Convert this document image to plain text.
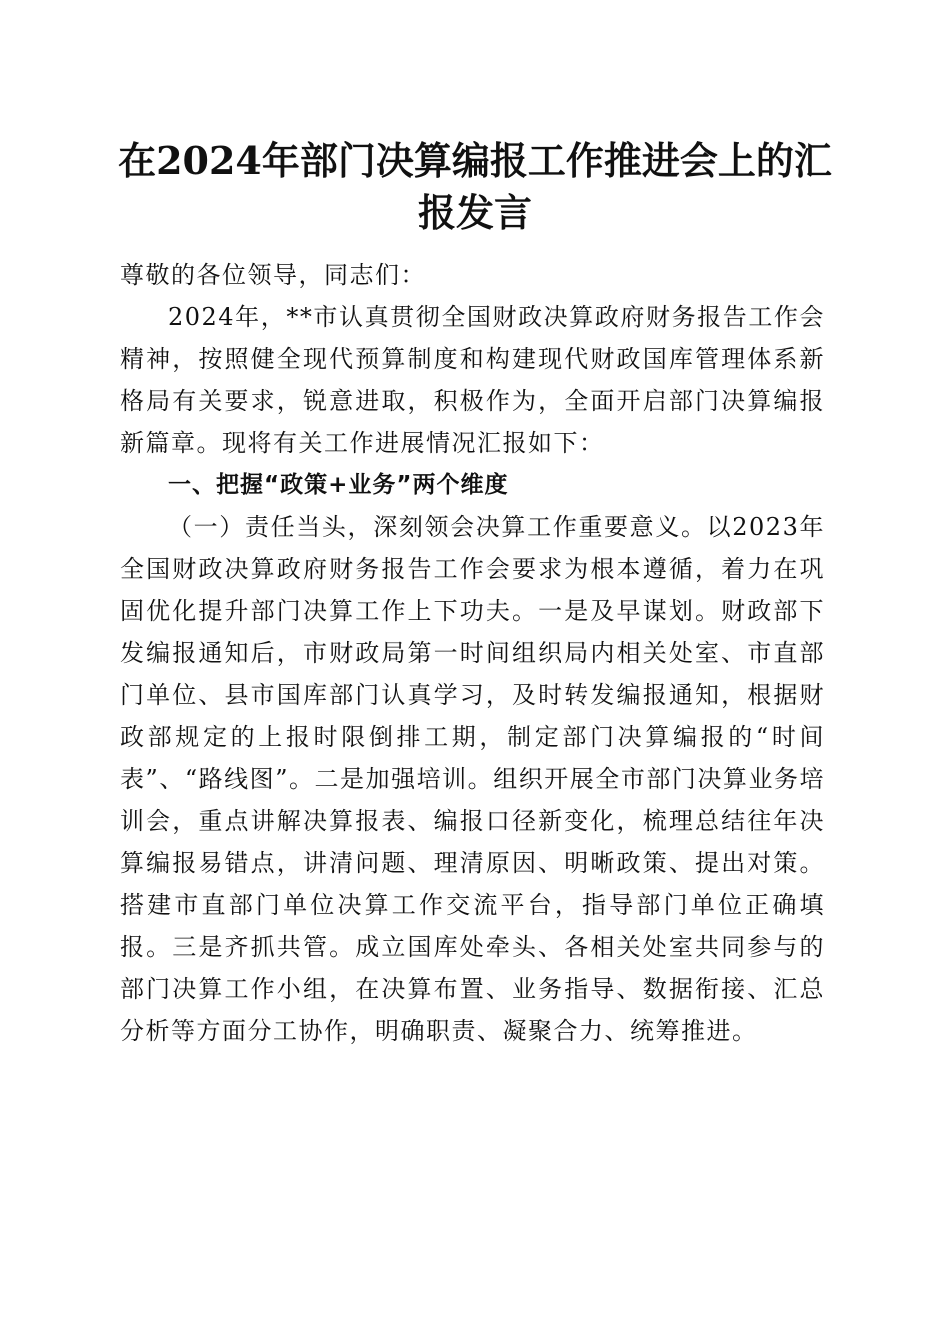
在2024年部门决算编报工作推进会上的汇报发言

尊敬的各位领导，同志们：

2024年，**市认真贯彻全国财政决算政府财务报告工作会精神，按照健全现代预算制度和构建现代财政国库管理体系新格局有关要求，锐意进取，积极作为，全面开启部门决算编报新篇章。现将有关工作进展情况汇报如下：

一、把握“政策+业务”两个维度

（一）责任当头，深刻领会决算工作重要意义。以2023年全国财政决算政府财务报告工作会要求为根本遵循，着力在巩固优化提升部门决算工作上下功夫。一是及早谋划。财政部下发编报通知后，市财政局第一时间组织局内相关处室、市直部门单位、县市国库部门认真学习，及时转发编报通知，根据财政部规定的上报时限倒排工期，制定部门决算编报的“时间表”、“路线图”。二是加强培训。组织开展全市部门决算业务培训会，重点讲解决算报表、编报口径新变化，梳理总结往年决算编报易错点，讲清问题、理清原因、明晰政策、提出对策。搭建市直部门单位决算工作交流平台，指导部门单位正确填报。三是齐抓共管。成立国库处牵头、各相关处室共同参与的部门决算工作小组，在决算布置、业务指导、数据衔接、汇总分析等方面分工协作，明确职责、凝聚合力、统筹推进。
